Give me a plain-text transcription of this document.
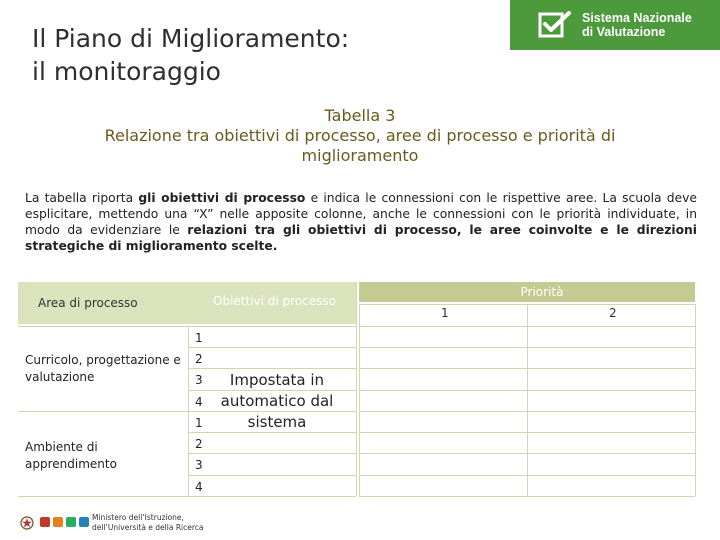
Il Piano di Miglioramento:
il monitoraggio
Sistema Nazionale
di Valutazione
Tabella 3
Relazione tra obiettivi di processo, aree di processo e priorità di miglioramento
La tabella riporta gli obiettivi di processo e indica le connessioni con le rispettive aree. La scuola deve esplicitare, mettendo una “X” nelle apposite colonne, anche le connessioni con le priorità individuate, in modo da evidenziare le relazioni tra gli obiettivi di processo, le aree coinvolte e le direzioni strategiche di miglioramento scelte.
Area di processo	Obiettivi di processo
Priorità
1	2
Curricolo, progettazione e valutazione
Ambiente di apprendimento
1
2
3
4
1
2
3
4
Impostata in automatico dal sistema
Ministero dell’Istruzione,
dell’Università e della Ricerca
